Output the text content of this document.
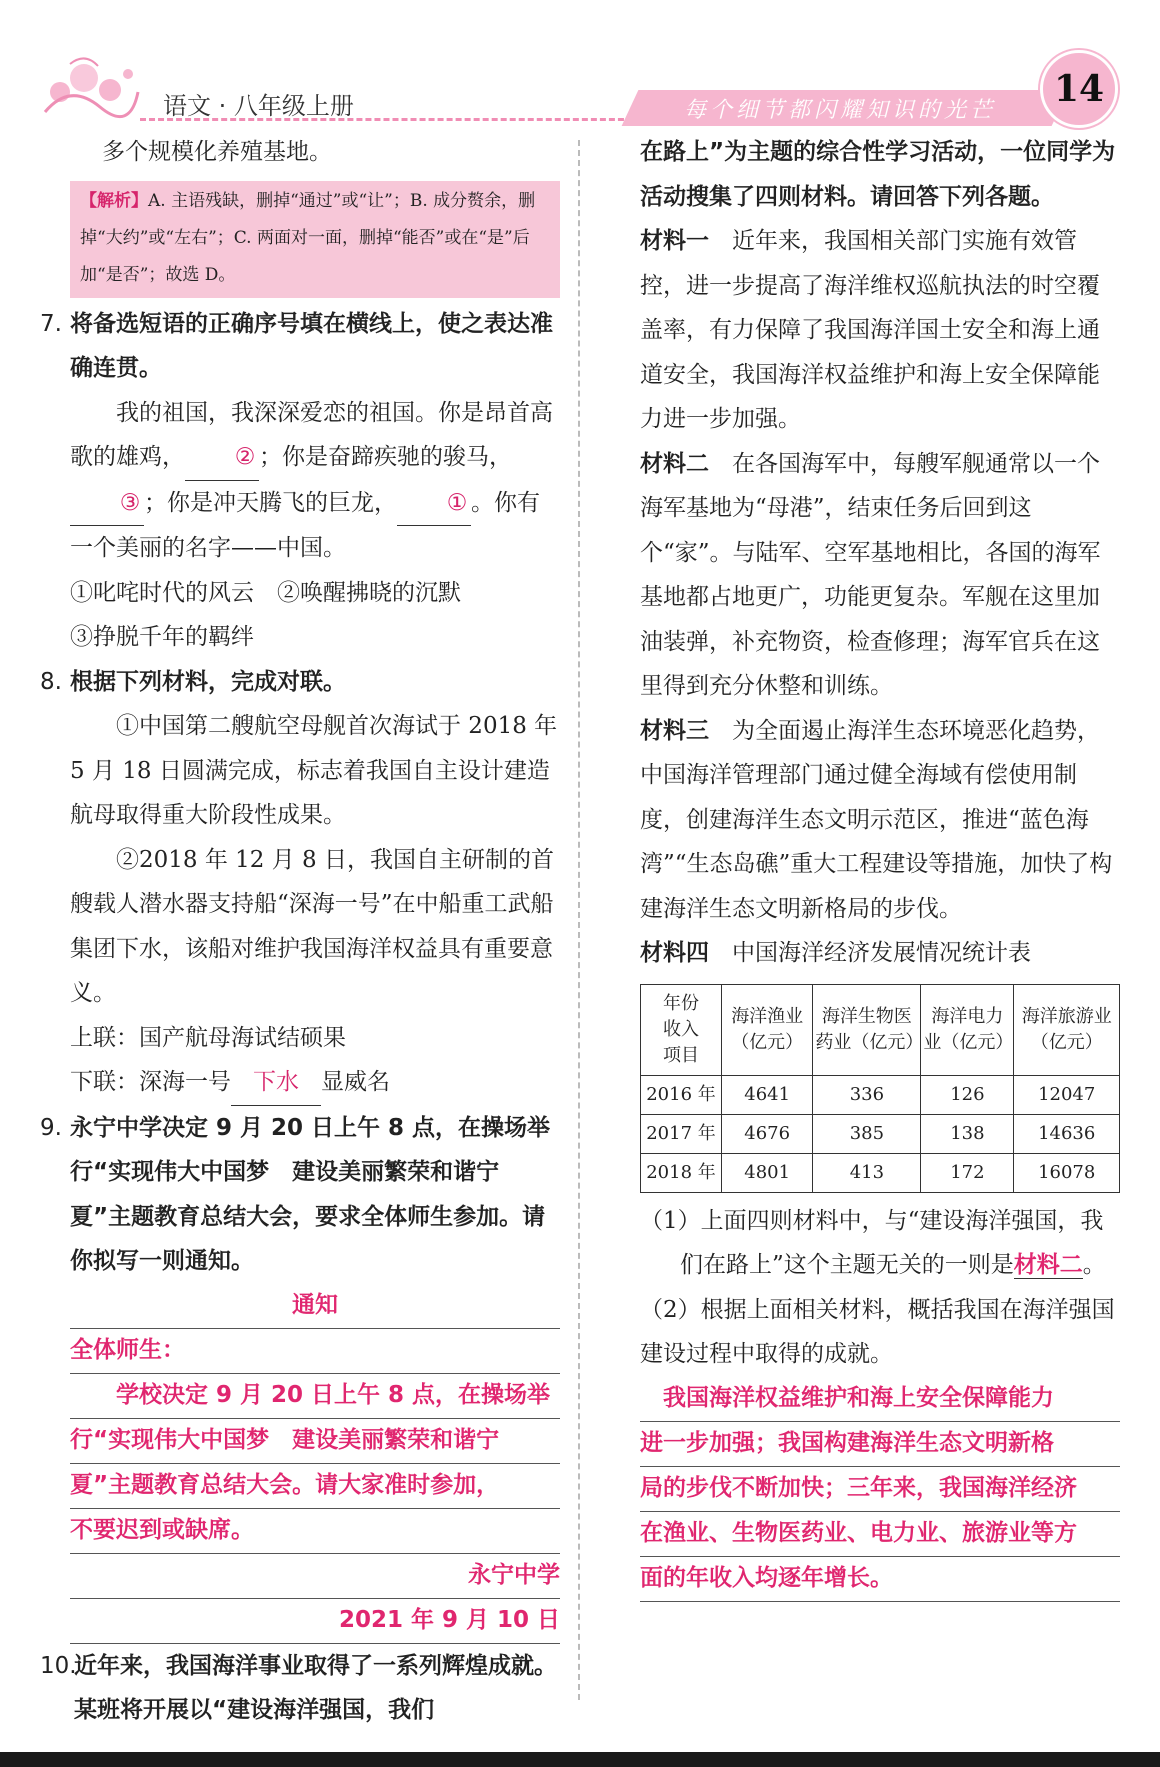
语文 · 八年级上册	每个细节都闪耀知识的光芒
14

多个规模化养殖基地。

【解析】A. 主语残缺，删掉“通过”或“让”；B. 成分赘余，删掉“大约”或“左右”；C. 两面对一面，删掉“能否”或在“是”后加“是否”；故选 D。

7. 将备选短语的正确序号填在横线上，使之表达准确连贯。

我的祖国，我深深爱恋的祖国。你是昂首高歌的雄鸡， ② ；你是奋蹄疾驰的骏马，③ ；你是冲天腾飞的巨龙， ① 。你有一个美丽的名字——中国。

①叱咤时代的风云　 ②唤醒拂晓的沉默

③挣脱千年的羁绊

8. 根据下列材料，完成对联。

①中国第二艘航空母舰首次海试于 2018 年 5 月 18 日圆满完成，标志着我国自主设计建造航母取得重大阶段性成果。

②2018 年 12 月 8 日，我国自主研制的首艘载人潜水器支持船“深海一号”在中船重工武船集团下水，该船对维护我国海洋权益具有重要意义。

上联：国产航母海试结硕果

下联：深海一号 下水 显威名

9. 永宁中学决定 9 月 20 日上午 8 点，在操场举行“实现伟大中国梦　建设美丽繁荣和谐宁夏”主题教育总结大会，要求全体师生参加。请你拟写一则通知。

通知
全体师生：
学校决定 9 月 20 日上午 8 点，在操场举
行“实现伟大中国梦　建设美丽繁荣和谐宁
夏”主题教育总结大会。请大家准时参加，
不要迟到或缺席。
永宁中学
2021 年 9 月 10 日

10.近年来，我国海洋事业取得了一系列辉煌成就。某班将开展以“建设海洋强国，我们

在路上”为主题的综合性学习活动，一位同学为活动搜集了四则材料。请回答下列各题。

材料一　 近年来，我国相关部门实施有效管控，进一步提高了海洋维权巡航执法的时空覆盖率，有力保障了我国海洋国土安全和海上通道安全，我国海洋权益维护和海上安全保障能力进一步加强。

材料二　 在各国海军中，每艘军舰通常以一个海军基地为“母港”，结束任务后回到这个“家”。与陆军、空军基地相比，各国的海军基地都占地更广，功能更复杂。军舰在这里加油装弹，补充物资，检查修理；海军官兵在这里得到充分休整和训练。

材料三　 为全面遏止海洋生态环境恶化趋势，中国海洋管理部门通过健全海域有偿使用制度，创建海洋生态文明示范区，推进“蓝色海湾”“生态岛礁”重大工程建设等措施，加快了构建海洋生态文明新格局的步伐。

材料四　 中国海洋经济发展情况统计表

年份
收入
项目	海洋渔业（亿元）	海洋生物医药业（亿元）	海洋电力业（亿元）	海洋旅游业（亿元）
2016 年	4641	336	126	12047
2017 年	4676	385	138	14636
2018 年	4801	413	172	16078

（1）上面四则材料中，与“建设海洋强国，我们在路上”这个主题无关的一则是材料二。

（2）根据上面相关材料，概括我国在海洋强国建设过程中取得的成就。

我国海洋权益维护和海上安全保障能力
进一步加强；我国构建海洋生态文明新格
局的步伐不断加快；三年来，我国海洋经济
在渔业、生物医药业、电力业、旅游业等方
面的年收入均逐年增长。
